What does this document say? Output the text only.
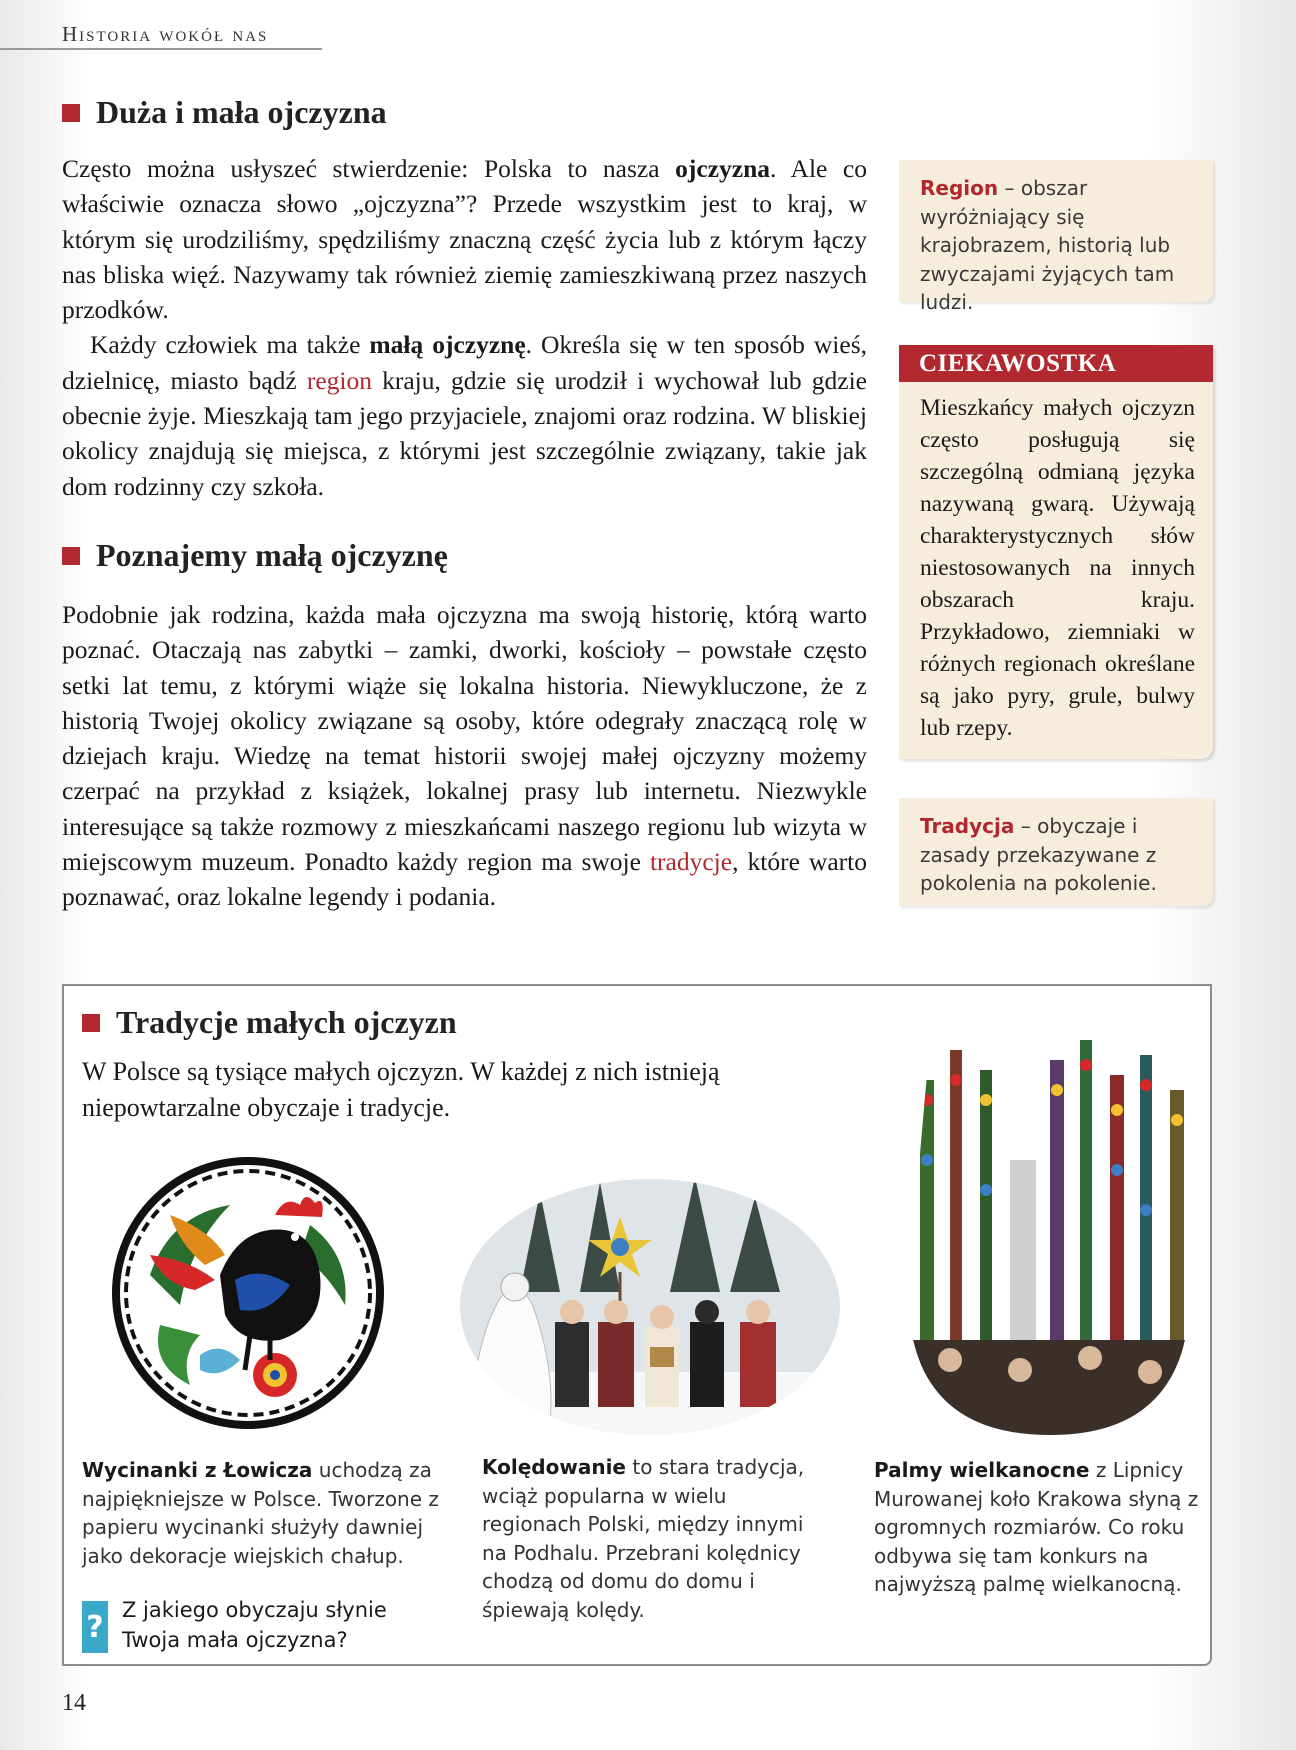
Historia wokół nas
Duża i mała ojczyzna

Często można usłyszeć stwierdzenie: Polska to nasza ojczyzna. Ale co właściwie oznacza słowo „ojczyzna”? Przede wszystkim jest to kraj, w którym się urodziliśmy, spędziliśmy znaczną część życia lub z którym łączy nas bliska więź. Nazywamy tak również ziemię zamieszkiwaną przez naszych przodków.

Każdy człowiek ma także małą ojczyznę. Określa się w ten sposób wieś, dzielnicę, miasto bądź region kraju, gdzie się urodził i wychował lub gdzie obecnie żyje. Mieszkają tam jego przyjaciele, znajomi oraz rodzina. W bliskiej okolicy znajdują się miejsca, z którymi jest szczególnie związany, takie jak dom rodzinny czy szkoła.

Poznajemy małą ojczyznę

Podobnie jak rodzina, każda mała ojczyzna ma swoją historię, którą warto poznać. Otaczają nas zabytki – zamki, dworki, kościoły – powstałe często setki lat temu, z którymi wiąże się lokalna historia. Niewykluczone, że z historią Twojej okolicy związane są osoby, które odegrały znaczącą rolę w dziejach kraju. Wiedzę na temat historii swojej małej ojczyzny możemy czerpać na przykład z książek, lokalnej prasy lub internetu. Niezwykle interesujące są także rozmowy z mieszkańcami naszego regionu lub wizyta w miejscowym muzeum. Ponadto każdy region ma swoje tradycje, które warto poznawać, oraz lokalne legendy i podania.

Region – obszar wyróżniający się krajobrazem, historią lub zwyczajami żyjących tam ludzi.
CIEKAWOSTKA
Mieszkańcy małych ojczyzn często posługują się szczególną odmianą języka nazywaną gwarą. Używają charakterystycznych słów niestosowanych na innych obszarach kraju. Przykładowo, ziemniaki w różnych regionach określane są jako pyry, grule, bulwy lub rzepy.
Tradycja – obyczaje i zasady przekazywane z pokolenia na pokolenie.
Tradycje małych ojczyzn

W Polsce są tysiące małych ojczyzn. W każdej z nich istnieją niepowtarzalne obyczaje i tradycje.

Wycinanki z Łowicza uchodzą za najpiękniejsze w Polsce. Tworzone z papieru wycinanki służyły dawniej jako dekoracje wiejskich chałup.
Kolędowanie to stara tradycja, wciąż popularna w wielu regionach Polski, między innymi na Podhalu. Przebrani kolędnicy chodzą od domu do domu i śpiewają kolędy.
Palmy wielkanocne z Lipnicy Murowanej koło Krakowa słyną z ogromnych rozmiarów. Co roku odbywa się tam konkurs na najwyższą palmę wielkanocną.
? Z jakiego obyczaju słynie Twoja mała ojczyzna?
14
